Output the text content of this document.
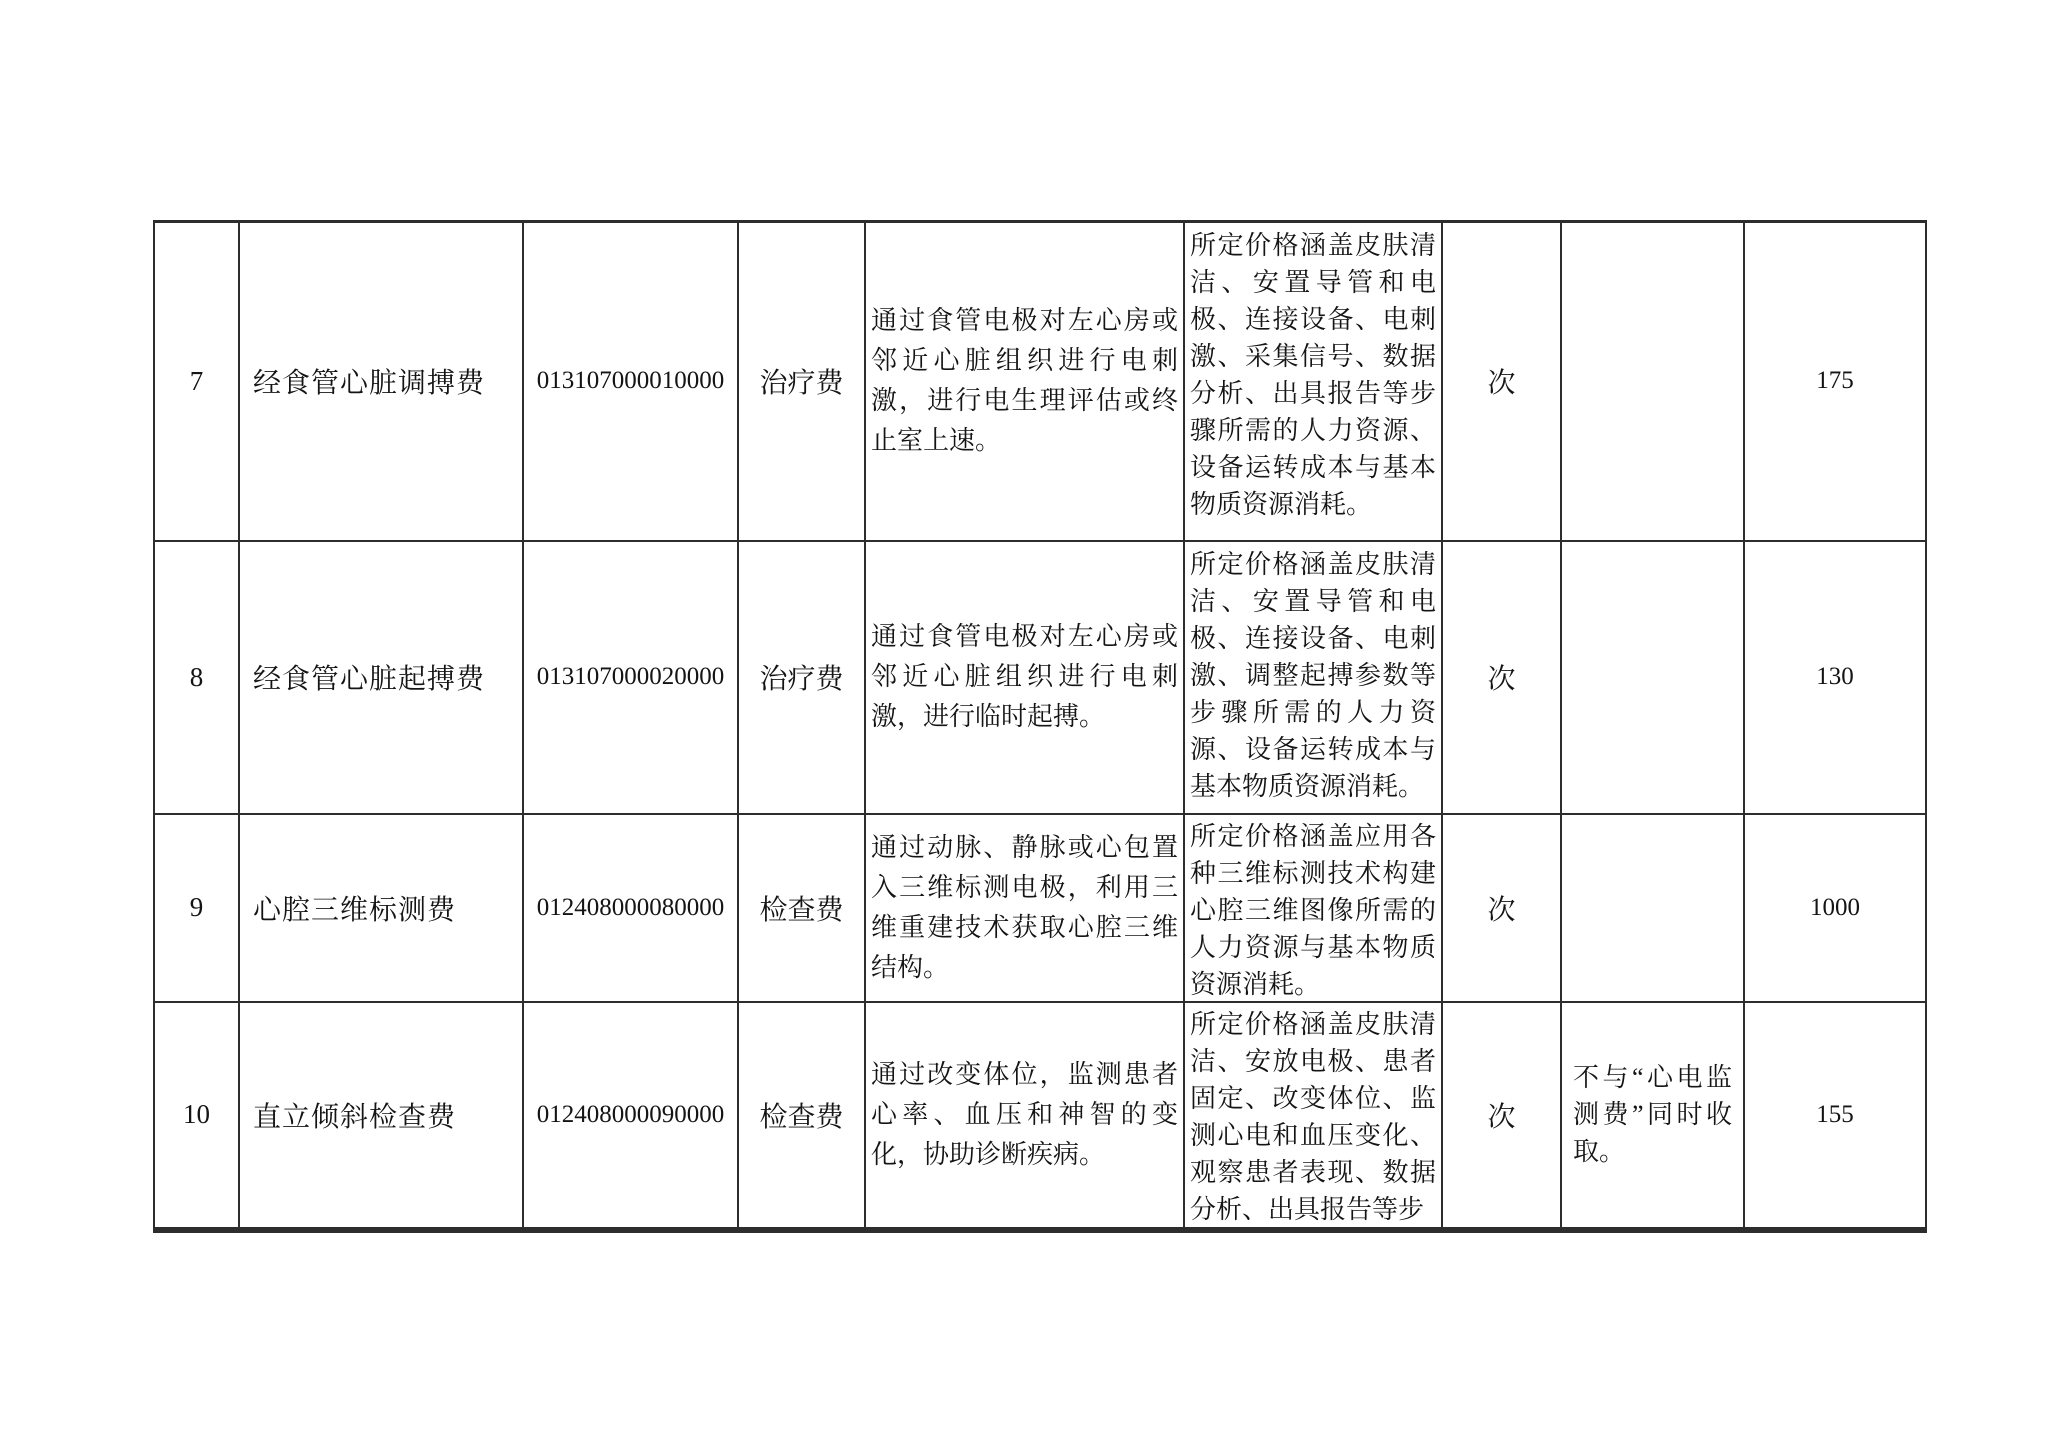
7	经食管心脏调搏费	013107000010000	治疗费	通过食管电极对左心房或邻近心脏组织进行电刺激，进行电生理评估或终止室上速。	所定价格涵盖皮肤清洁、安置导管和电极、连接设备、电刺激、采集信号、数据分析、出具报告等步骤所需的人力资源、设备运转成本与基本物质资源消耗。	次		175
8	经食管心脏起搏费	013107000020000	治疗费	通过食管电极对左心房或邻近心脏组织进行电刺激，进行临时起搏。	所定价格涵盖皮肤清洁、安置导管和电极、连接设备、电刺激、调整起搏参数等步骤所需的人力资源、设备运转成本与基本物质资源消耗。	次		130
9	心腔三维标测费	012408000080000	检查费	通过动脉、静脉或心包置入三维标测电极，利用三维重建技术获取心腔三维结构。	所定价格涵盖应用各种三维标测技术构建心腔三维图像所需的人力资源与基本物质资源消耗。	次		1000
10	直立倾斜检查费	012408000090000	检查费	通过改变体位，监测患者心率、血压和神智的变化，协助诊断疾病。	所定价格涵盖皮肤清洁、安放电极、患者固定、改变体位、监测心电和血压变化、观察患者表现、数据分析、出具报告等步	次	不与“心电监测费”同时收取。	155
